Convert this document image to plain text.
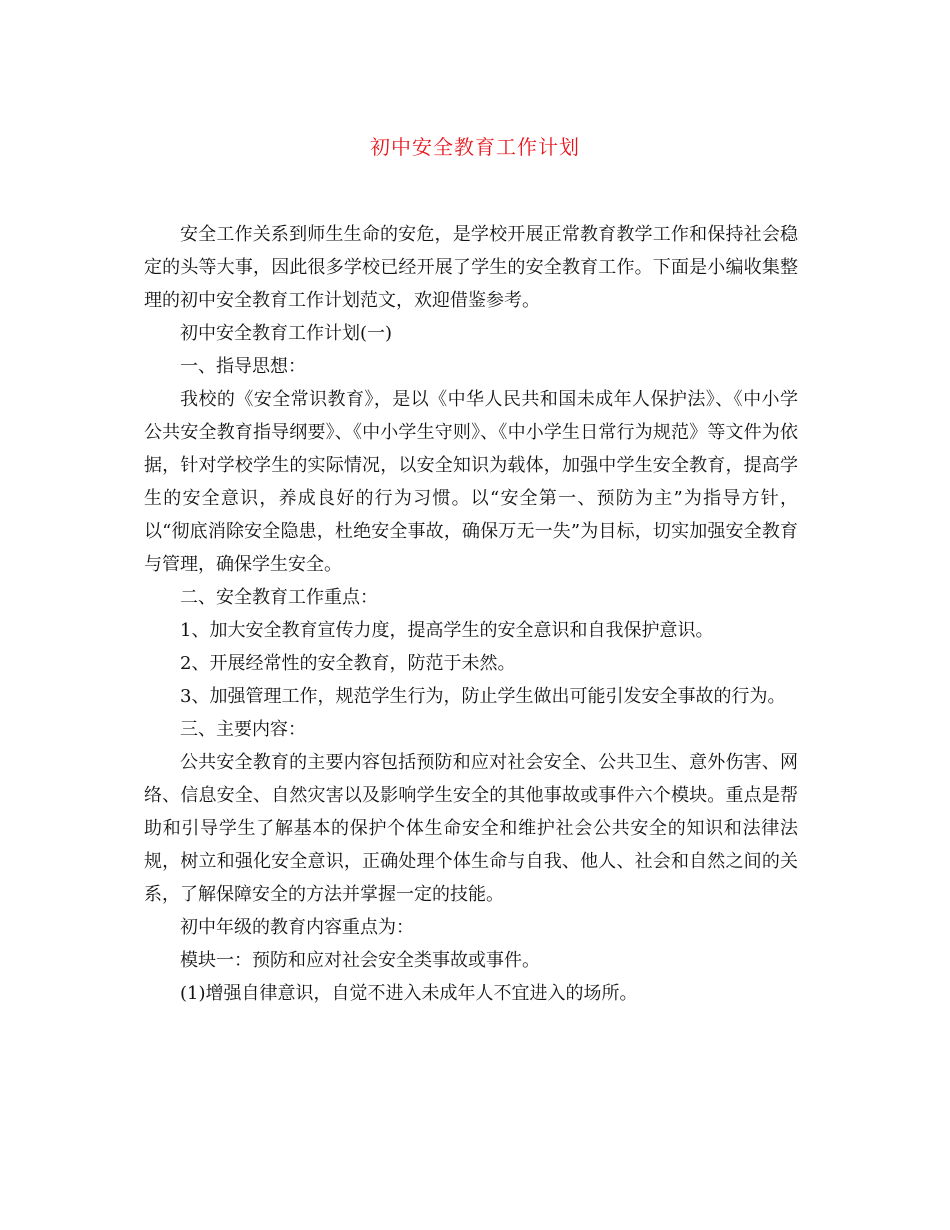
初中安全教育工作计划

安全工作关系到师生生命的安危，是学校开展正常教育教学工作和保持社会稳定的头等大事，因此很多学校已经开展了学生的安全教育工作。下面是小编收集整理的初中安全教育工作计划范文，欢迎借鉴参考。

初中安全教育工作计划(一)

一、指导思想：

我校的《安全常识教育》，是以《中华人民共和国未成年人保护法》、《中小学公共安全教育指导纲要》、《中小学生守则》、《中小学生日常行为规范》等文件为依据，针对学校学生的实际情况，以安全知识为载体，加强中学生安全教育，提高学生的安全意识，养成良好的行为习惯。以“安全第一、预防为主”为指导方针，以“彻底消除安全隐患，杜绝安全事故，确保万无一失”为目标，切实加强安全教育与管理，确保学生安全。

二、安全教育工作重点：

1、加大安全教育宣传力度，提高学生的安全意识和自我保护意识。

2、开展经常性的安全教育，防范于未然。

3、加强管理工作，规范学生行为，防止学生做出可能引发安全事故的行为。

三、主要内容：

公共安全教育的主要内容包括预防和应对社会安全、公共卫生、意外伤害、网络、信息安全、自然灾害以及影响学生安全的其他事故或事件六个模块。重点是帮助和引导学生了解基本的保护个体生命安全和维护社会公共安全的知识和法律法规，树立和强化安全意识，正确处理个体生命与自我、他人、社会和自然之间的关系，了解保障安全的方法并掌握一定的技能。

初中年级的教育内容重点为：

模块一：预防和应对社会安全类事故或事件。

(1)增强自律意识，自觉不进入未成年人不宜进入的场所。
